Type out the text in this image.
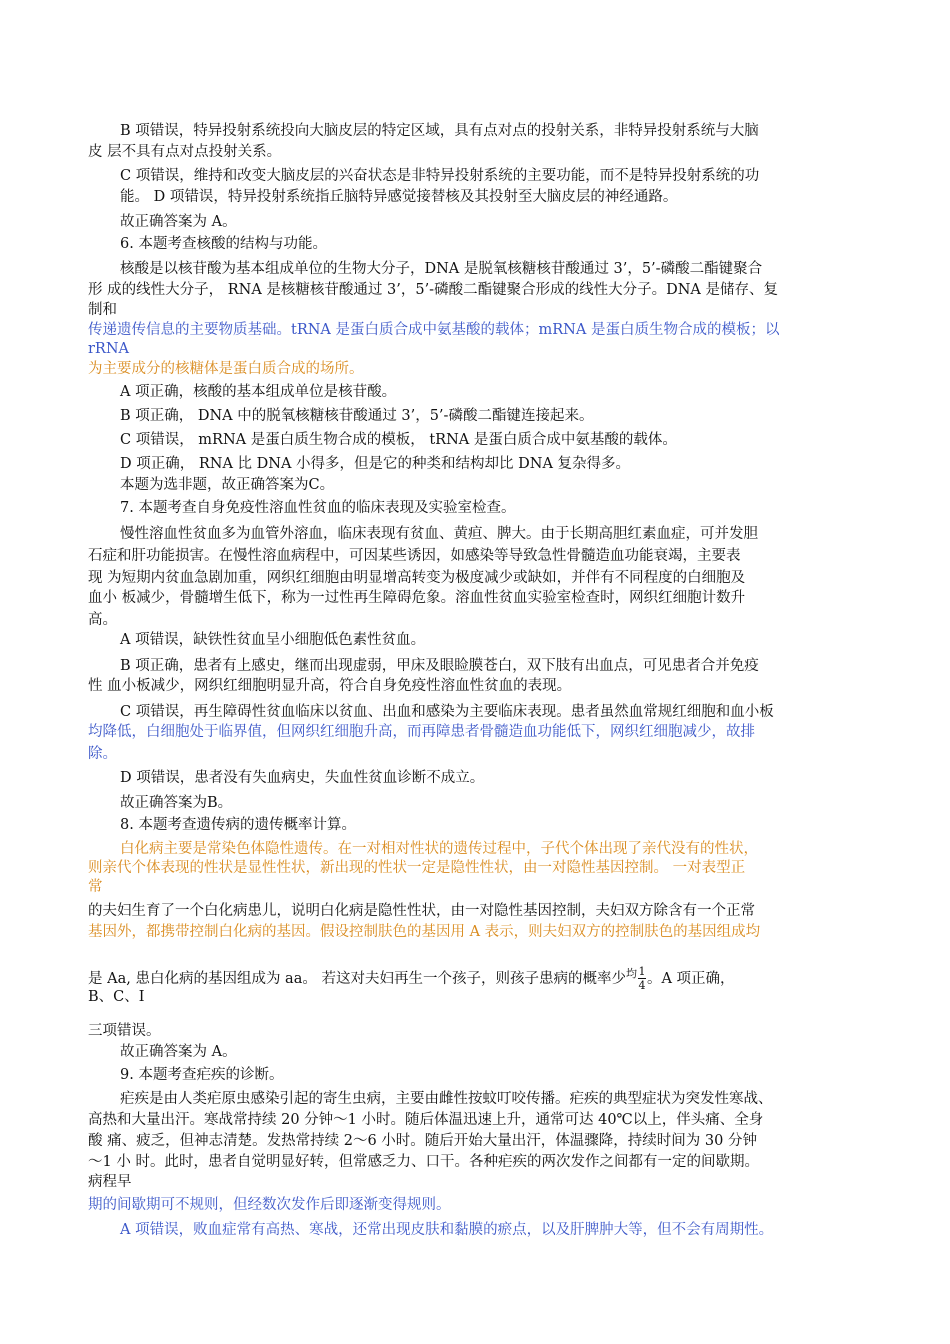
B 项错误，特异投射系统投向大脑皮层的特定区域，具有点对点的投射关系，非特异投射系统与大脑
皮 层不具有点对点投射关系。
C 项错误，维持和改变大脑皮层的兴奋状态是非特异投射系统的主要功能，而不是特异投射系统的功
能。 D 项错误，特异投射系统指丘脑特异感觉接替核及其投射至大脑皮层的神经通路。
故正确答案为 A。
6. 本题考查核酸的结构与功能。
核酸是以核苷酸为基本组成单位的生物大分子，DNA 是脱氧核糖核苷酸通过 3’，5’-磷酸二酯键聚合
形 成的线性大分子， RNA 是核糖核苷酸通过 3’，5’-磷酸二酯键聚合形成的线性大分子。DNA 是储存、复
制和
传递遗传信息的主要物质基础。tRNA 是蛋白质合成中氨基酸的载体；mRNA 是蛋白质生物合成的模板；以
rRNA
为主要成分的核糖体是蛋白质合成的场所。
A 项正确，核酸的基本组成单位是核苷酸。
B 项正确， DNA 中的脱氧核糖核苷酸通过 3’，5’-磷酸二酯键连接起来。
C 项错误， mRNA 是蛋白质生物合成的模板， tRNA 是蛋白质合成中氨基酸的载体。
D 项正确， RNA 比 DNA 小得多，但是它的种类和结构却比 DNA 复杂得多。
本题为选非题，故正确答案为C。
7. 本题考查自身免疫性溶血性贫血的临床表现及实验室检查。
慢性溶血性贫血多为血管外溶血，临床表现有贫血、黄疸、脾大。由于长期高胆红素血症，可并发胆
石症和肝功能损害。在慢性溶血病程中，可因某些诱因，如感染等导致急性骨髓造血功能衰竭，主要表
现 为短期内贫血急剧加重，网织红细胞由明显增高转变为极度减少或缺如，并伴有不同程度的白细胞及
血小 板减少，骨髓增生低下，称为一过性再生障碍危象。溶血性贫血实验室检查时，网织红细胞计数升
高。
A 项错误，缺铁性贫血呈小细胞低色素性贫血。
B 项正确，患者有上感史，继而出现虚弱，甲床及眼睑膜苍白，双下肢有出血点，可见患者合并免疫
性 血小板减少，网织红细胞明显升高，符合自身免疫性溶血性贫血的表现。
C 项错误，再生障碍性贫血临床以贫血、出血和感染为主要临床表现。患者虽然血常规红细胞和血小板
均降低，白细胞处于临界值，但网织红细胞升高，而再障患者骨髓造血功能低下，网织红细胞减少，故排
除。
D 项错误，患者没有失血病史，失血性贫血诊断不成立。
故正确答案为B。
8. 本题考查遗传病的遗传概率计算。
白化病主要是常染色体隐性遗传。在一对相对性状的遗传过程中，子代个体出现了亲代没有的性状，
则亲代个体表现的性状是显性性状，新出现的性状一定是隐性性状，由一对隐性基因控制。 一对表型正
常
的夫妇生育了一个白化病患儿，说明白化病是隐性性状，由一对隐性基因控制，夫妇双方除含有一个正常
基因外，都携带控制白化病的基因。假设控制肤色的基因用 A 表示，则夫妇双方的控制肤色的基因组成均
是 Aa, 患白化病的基因组成为 aa。 若这对夫妇再生一个孩子，则孩子患病的概率少$^均 \frac{1}{4}$ 。A 项正确，
B、C、I
三项错误。
故正确答案为 A。
9. 本题考查疟疾的诊断。
疟疾是由人类疟原虫感染引起的寄生虫病，主要由雌性按蚊叮咬传播。疟疾的典型症状为突发性寒战、
高热和大量出汗。寒战常持续 20 分钟～1 小时。随后体温迅速上升，通常可达 40℃以上，伴头痛、全身
酸 痛、疲乏，但神志清楚。发热常持续 2～6 小时。随后开始大量出汗，体温骤降，持续时间为 30 分钟
～1 小 时。此时，患者自觉明显好转，但常感乏力、口干。各种疟疾的两次发作之间都有一定的间歇期。
病程早
期的间歇期可不规则，但经数次发作后即逐渐变得规则。
A 项错误，败血症常有高热、寒战，还常出现皮肤和黏膜的瘀点，以及肝脾肿大等，但不会有周期性。
